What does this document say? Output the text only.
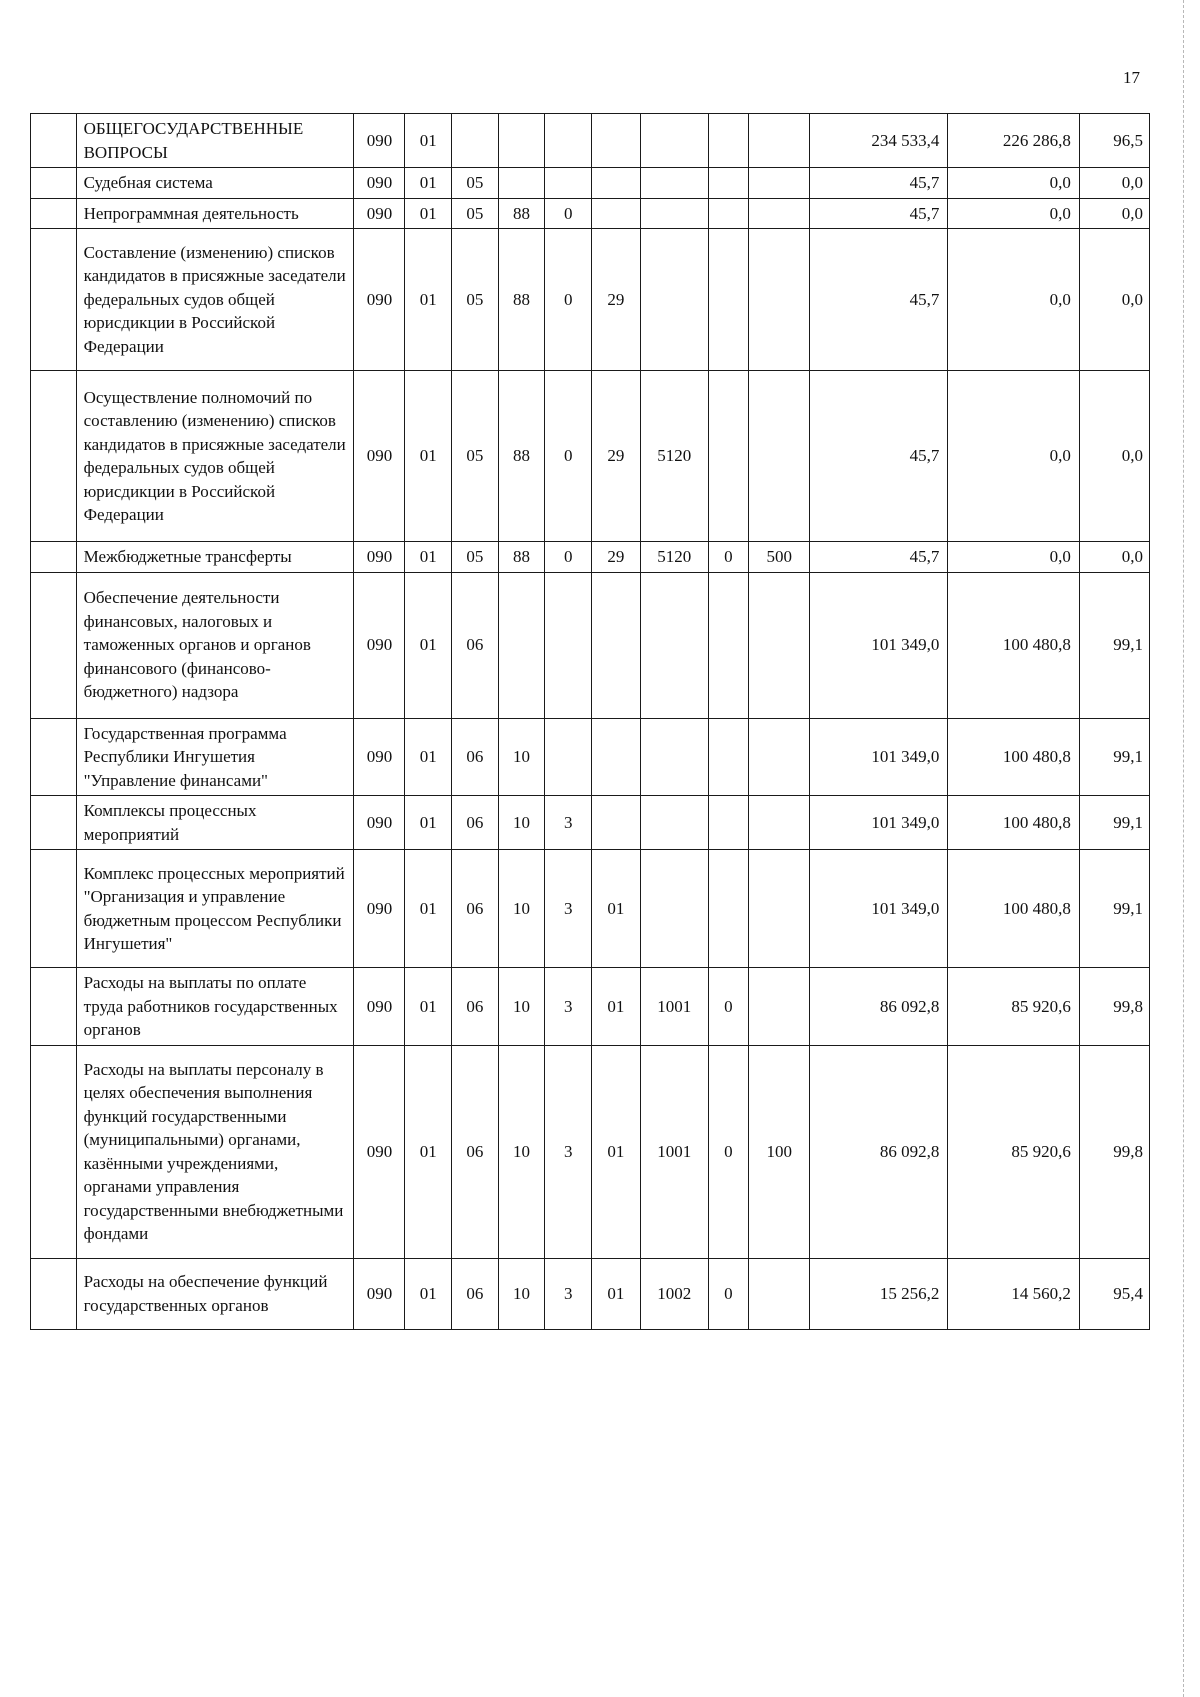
17
	ОБЩЕГОСУДАРСТВЕННЫЕ ВОПРОСЫ	090	01								234 533,4	226 286,8	96,5
	Судебная система	090	01	05							45,7	0,0	0,0
	Непрограммная деятельность	090	01	05	88	0					45,7	0,0	0,0
	Составление (изменению) списков кандидатов в присяжные заседатели федеральных судов общей юрисдикции в Российской Федерации	090	01	05	88	0	29				45,7	0,0	0,0
	Осуществление полномочий по составлению (изменению) списков кандидатов в присяжные заседатели федеральных судов общей юрисдикции в Российской Федерации	090	01	05	88	0	29	5120			45,7	0,0	0,0
	Межбюджетные трансферты	090	01	05	88	0	29	5120	0	500	45,7	0,0	0,0
	Обеспечение деятельности финансовых, налоговых и таможенных органов и органов финансового (финансово-бюджетного) надзора	090	01	06							101 349,0	100 480,8	99,1
	Государственная программа Республики Ингушетия "Управление финансами"	090	01	06	10						101 349,0	100 480,8	99,1
	Комплексы процессных мероприятий	090	01	06	10	3					101 349,0	100 480,8	99,1
	Комплекс процессных мероприятий "Организация и управление бюджетным процессом Республики Ингушетия"	090	01	06	10	3	01				101 349,0	100 480,8	99,1
	Расходы на выплаты по оплате труда работников государственных органов	090	01	06	10	3	01	1001	0		86 092,8	85 920,6	99,8
	Расходы на выплаты персоналу в целях обеспечения выполнения функций государственными (муниципальными) органами, казёнными учреждениями, органами управления государственными внебюджетными фондами	090	01	06	10	3	01	1001	0	100	86 092,8	85 920,6	99,8
	Расходы на обеспечение функций государственных органов	090	01	06	10	3	01	1002	0		15 256,2	14 560,2	95,4
